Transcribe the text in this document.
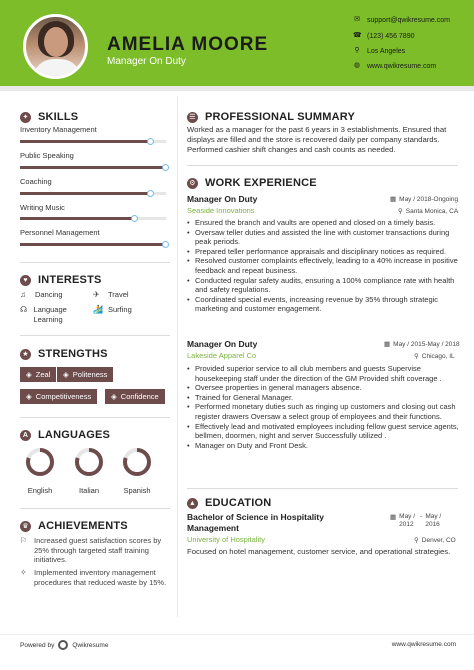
AMELIA MOORE
Manager On Duty
✉ support@qwikresume.com
☎ (123) 456 7890
⚲ Los Angeles
◍ www.qwikresume.com
✦ SKILLS
Inventory Management
Public Speaking
Coaching
Writing Music
Personnel Management
♥ INTERESTS
♫	Dancing	✈	Travel
☊ Language Learning
🏄 Surfing
★ STRENGTHS
◈ Zeal ◈ Politeness
◈ Competitiveness	◈ Confidence
A LANGUAGES
English	Italian	Spanish
♛ ACHIEVEMENTS
⚐ Increased guest satisfaction scores by 25% through targeted staff training initiatives.
✧ Implemented inventory management procedures that reduced waste by 15%.
☰ PROFESSIONAL SUMMARY
Worked as a manager for the past 6 years in 3 establishments. Ensured that displays are filled and the store is recovered daily per company standards. Performed cashier shift changes and cash counts as needed.
⚙ WORK EXPERIENCE
Manager On Duty	▦ May / 2018-Ongoing
Seaside Innovations	⚲ Santa Monica, CA
• Ensured the branch and vaults are opened and closed on a timely basis.
• Oversaw teller duties and assisted the line with customer transactions during peak periods.
• Prepared teller performance appraisals and disciplinary notices as required.
• Resolved customer complaints effectively, leading to a 40% increase in positive feedback and repeat business.
• Conducted regular safety audits, ensuring a 100% compliance rate with health and safety regulations.
• Coordinated special events, increasing revenue by 35% through strategic marketing and customer engagement.
Manager On Duty	▦ May / 2015-May / 2018
Lakeside Apparel Co	⚲ Chicago, IL
• Provided superior service to all club members and guests Supervise housekeeping staff under the direction of the GM Provided shift coverage .
• Oversee properties in general managers absence.
• Trained for General Manager.
• Performed monetary duties such as ringing up customers and closing out cash register drawers Oversaw a select group of employees and their functions.
• Effectively lead and motivated employees including fellow guest service agents, bellmen, doormen, night and server Successfully utilized .
• Manager on Duty and Front Desk.
▲ EDUCATION
Bachelor of Science in Hospitality Management
▦ May / 2012
- May / 2016
University of Hospitality	⚲ Denver, CO
Focused on hotel management, customer service, and operational strategies.
Powered by	Qwikresume	www.qwikresume.com
